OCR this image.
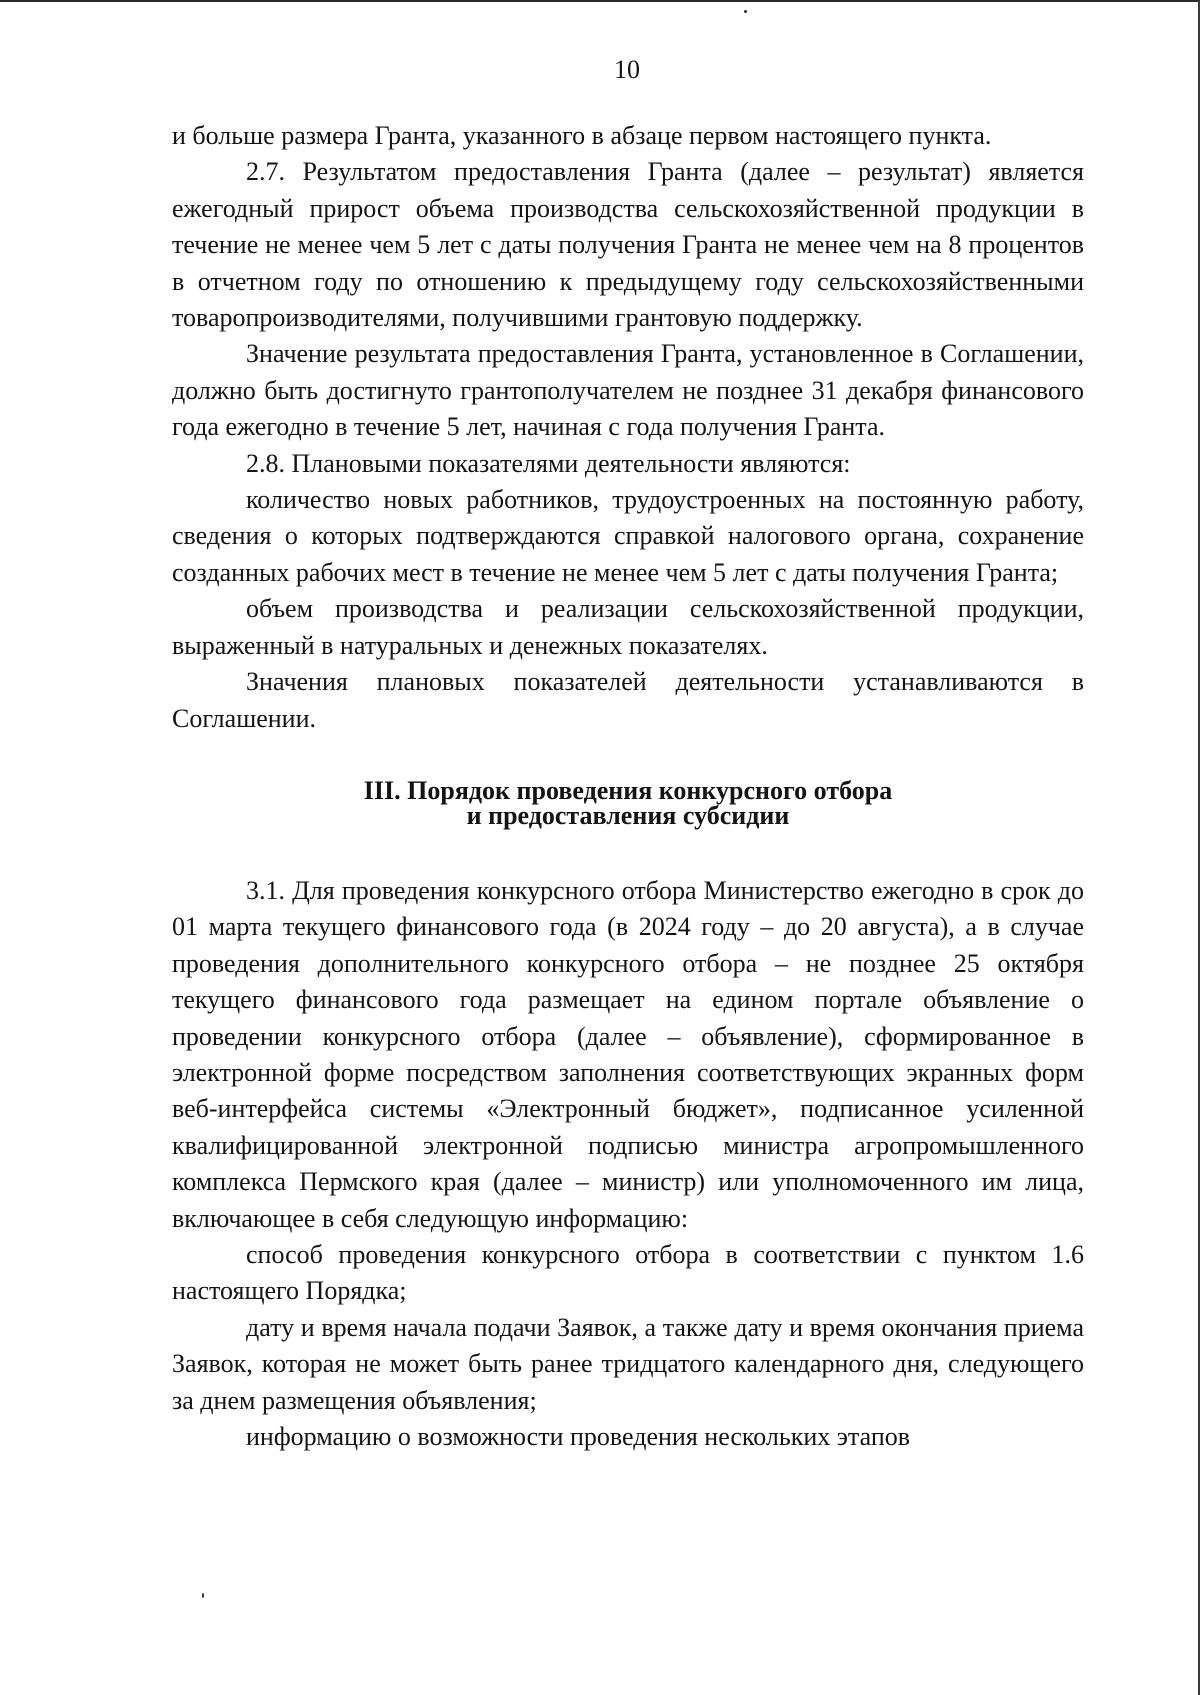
10

и больше размера Гранта, указанного в абзаце первом настоящего пункта.

2.7. Результатом предоставления Гранта (далее – результат) является ежегодный прирост объема производства сельскохозяйственной продукции в течение не менее чем 5 лет с даты получения Гранта не менее чем на 8 процентов в отчетном году по отношению к предыдущему году сельскохозяйственными товаропроизводителями, получившими грантовую поддержку.

Значение результата предоставления Гранта, установленное в Соглашении, должно быть достигнуто грантополучателем не позднее 31 декабря финансового года ежегодно в течение 5 лет, начиная с года получения Гранта.

2.8. Плановыми показателями деятельности являются:

количество новых работников, трудоустроенных на постоянную работу, сведения о которых подтверждаются справкой налогового органа, сохранение созданных рабочих мест в течение не менее чем 5 лет с даты получения Гранта;

объем производства и реализации сельскохозяйственной продукции, выраженный в натуральных и денежных показателях.

Значения плановых показателей деятельности устанавливаются в Соглашении.

III. Порядок проведения конкурсного отбора
и предоставления субсидии

3.1. Для проведения конкурсного отбора Министерство ежегодно в срок до 01 марта текущего финансового года (в 2024 году – до 20 августа), а в случае проведения дополнительного конкурсного отбора – не позднее 25 октября текущего финансового года размещает на едином портале объявление о проведении конкурсного отбора (далее – объявление), сформированное в электронной форме посредством заполнения соответствующих экранных форм веб-интерфейса системы «Электронный бюджет», подписанное усиленной квалифицированной электронной подписью министра агропромышленного комплекса Пермского края (далее – министр) или уполномоченного им лица, включающее в себя следующую информацию:

способ проведения конкурсного отбора в соответствии с пунктом 1.6 настоящего Порядка;

дату и время начала подачи Заявок, а также дату и время окончания приема Заявок, которая не может быть ранее тридцатого календарного дня, следующего за днем размещения объявления;

информацию о возможности проведения нескольких этапов
